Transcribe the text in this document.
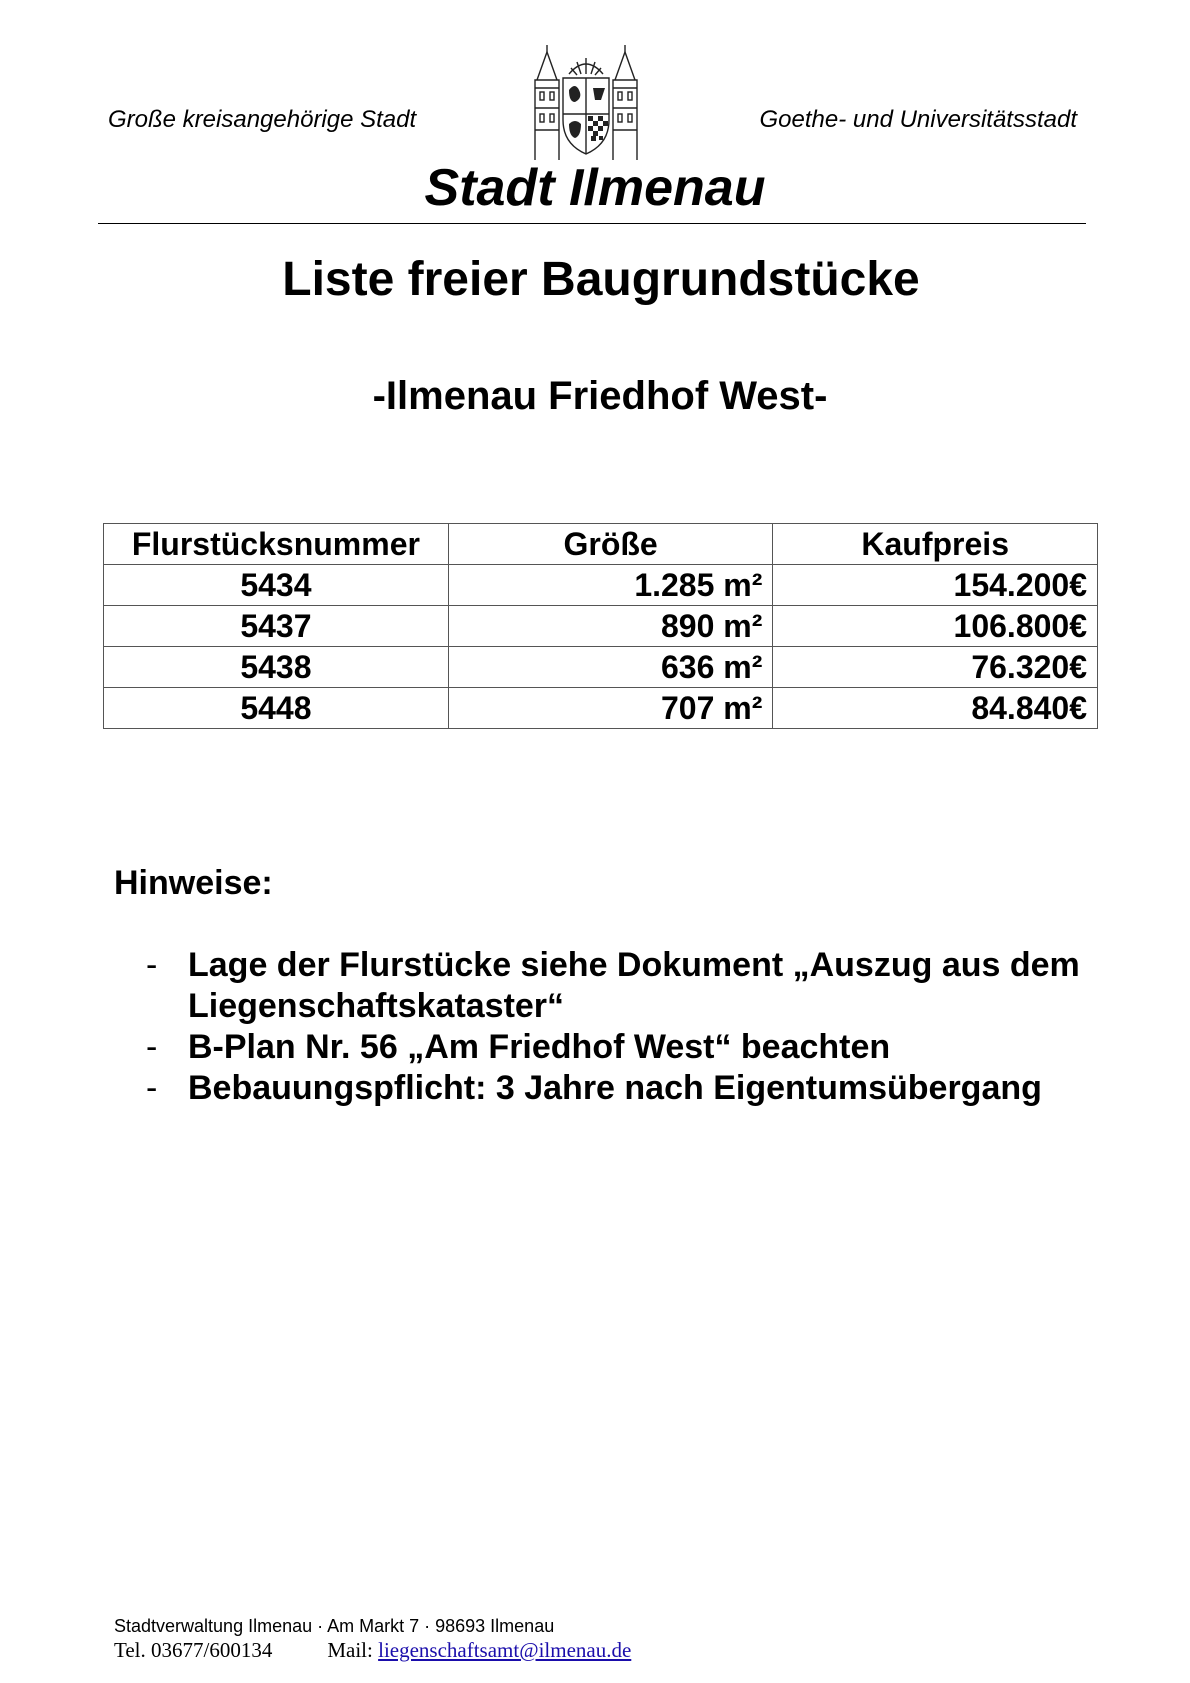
Große kreisangehörige Stadt	Goethe- und Universitätsstadt
Stadt Ilmenau
Liste freier Baugrundstücke
-Ilmenau Friedhof West-
Flurstücksnummer	Größe	Kaufpreis
5434	1.285 m²	154.200€
5437	890 m²	106.800€
5438	636 m²	76.320€
5448	707 m²	84.840€
Hinweise:
- Lage der Flurstücke siehe Dokument „Auszug aus dem Liegenschaftskataster“
- B-Plan Nr. 56 „Am Friedhof West“ beachten
- Bebauungspflicht: 3 Jahre nach Eigentumsübergang
Stadtverwaltung Ilmenau · Am Markt 7 · 98693 Ilmenau
Tel. 03677/600134	Mail: liegenschaftsamt@ilmenau.de
